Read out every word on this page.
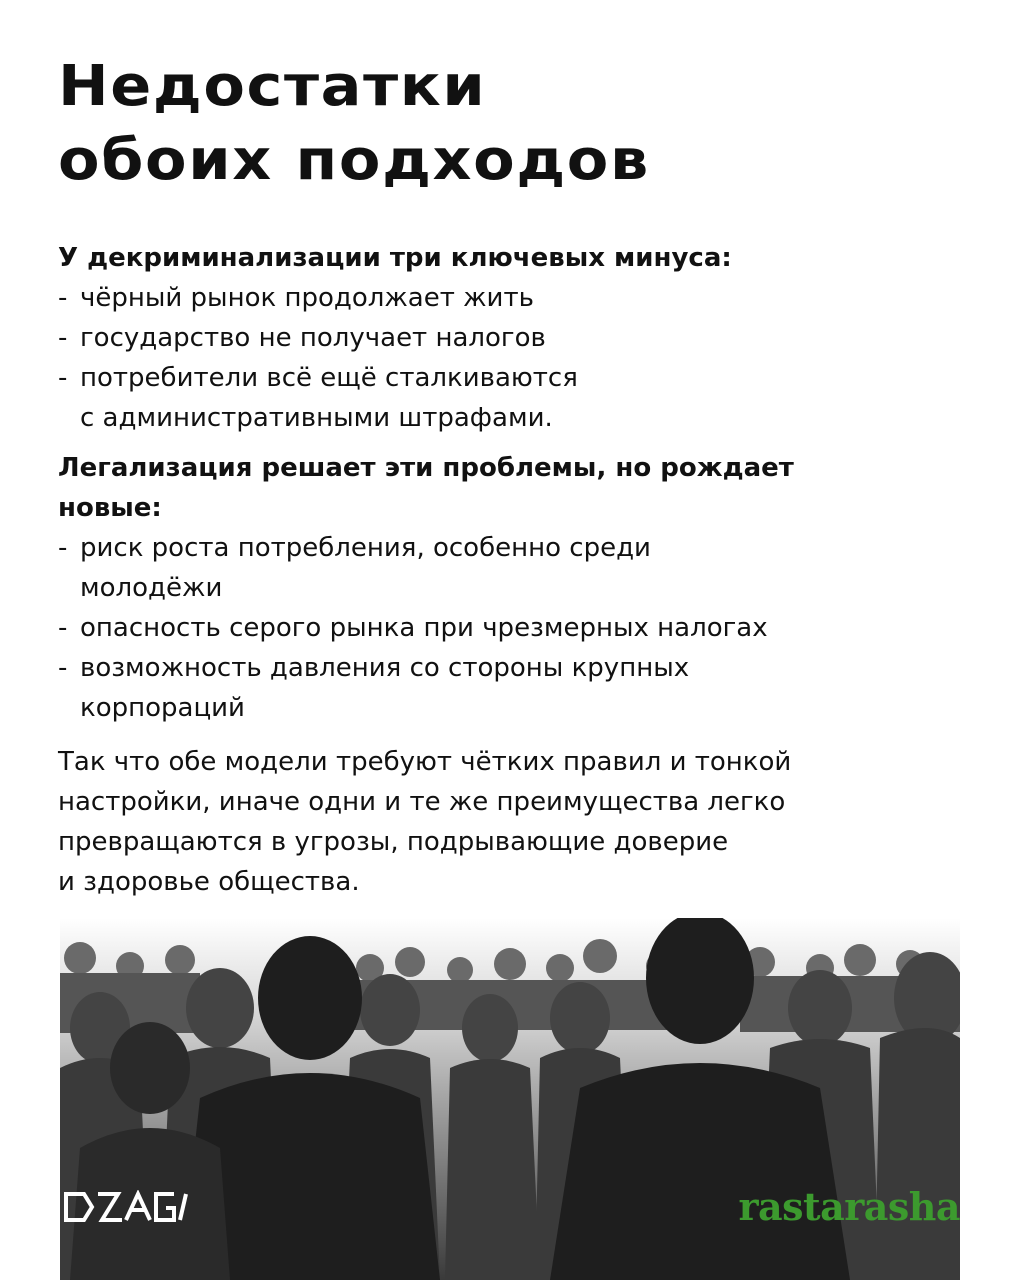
Недостатки
обоих подходов
У декриминализации три ключевых минуса:
- чёрный рынок продолжает жить
- государство не получает налогов
- потребители всё ещё сталкиваются
с административными штрафами.
Легализация решает эти проблемы, но рождает
новые:
- риск роста потребления, особенно среди
молодёжи
- опасность серого рынка при чрезмерных налогах
- возможность давления со стороны крупных
корпораций
Так что обе модели требуют чётких правил и тонкой
настройки, иначе одни и те же преимущества легко
превращаются в угрозы, подрывающие доверие
и здоровье общества.
rastarasha
